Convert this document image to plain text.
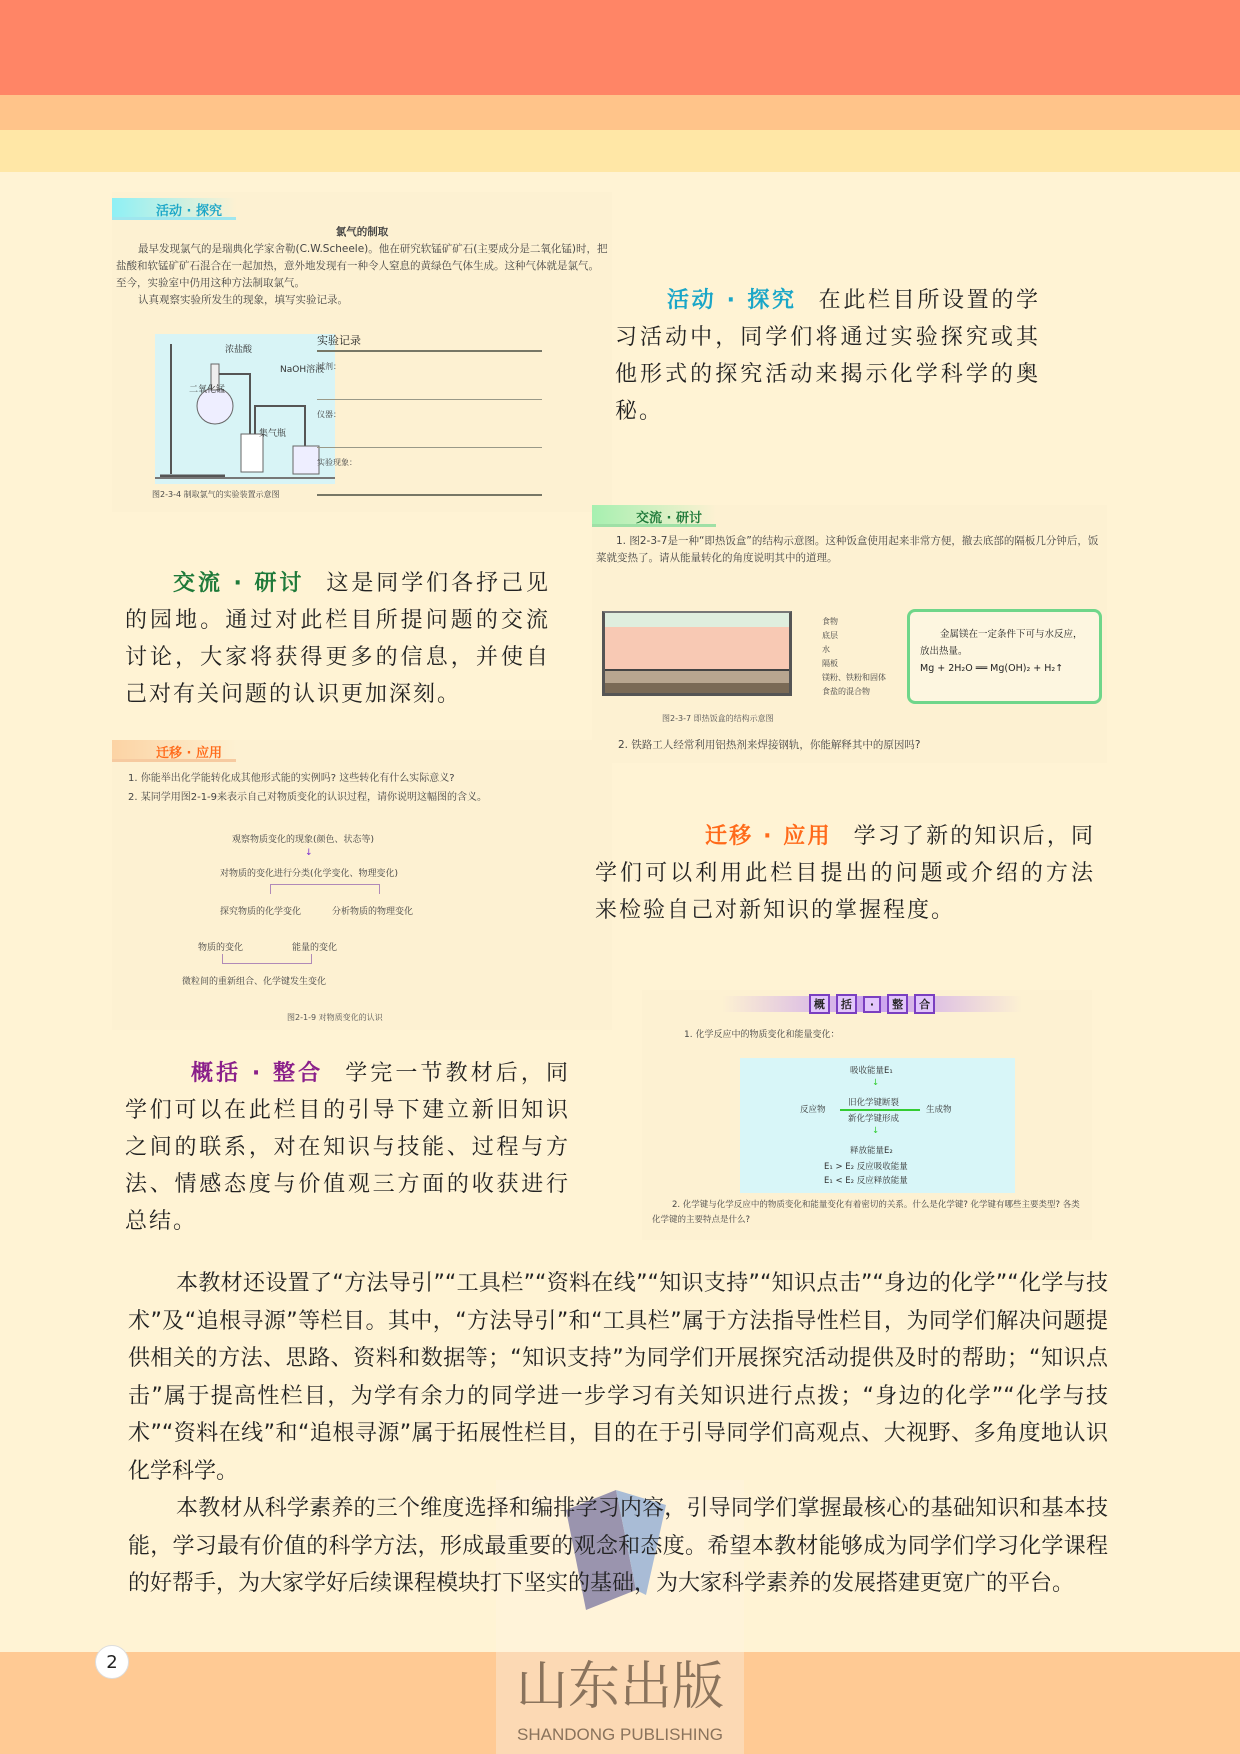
活动 · 探究
氯气的制取
最早发现氯气的是瑞典化学家舍勒(C.W.Scheele)。他在研究软锰矿矿石(主要成分是二氧化锰)时，把盐酸和软锰矿矿石混合在一起加热，意外地发现有一种令人窒息的黄绿色气体生成。这种气体就是氯气。至今，实验室中仍用这种方法制取氯气。
认真观察实验所发生的现象，填写实验记录。
浓盐酸
二氧化锰
NaOH溶液
集气瓶
图2-3-4 制取氯气的实验装置示意图
实验记录
试剂：
仪器：
实验现象：
活动 · 探究 在此栏目所设置的学习活动中，同学们将通过实验探究或其他形式的探究活动来揭示化学科学的奥秘。
交流 · 研讨
1. 图2-3-7是一种“即热饭盒”的结构示意图。这种饭盒使用起来非常方便，撤去底部的隔板几分钟后，饭菜就变热了。请从能量转化的角度说明其中的道理。
食物
底层
水
隔板
镁粉、铁粉和固体食盐的混合物
金属镁在一定条件下可与水反应，放出热量。
Mg + 2H₂O ══ Mg(OH)₂ + H₂↑
图2-3-7 即热饭盒的结构示意图
2. 铁路工人经常利用铝热剂来焊接钢轨，你能解释其中的原因吗?
交流 · 研讨 这是同学们各抒己见的园地。通过对此栏目所提问题的交流讨论，大家将获得更多的信息，并使自己对有关问题的认识更加深刻。
迁移 · 应用
1. 你能举出化学能转化成其他形式能的实例吗? 这些转化有什么实际意义?
2. 某同学用图2-1-9来表示自己对物质变化的认识过程，请你说明这幅图的含义。
观察物质变化的现象(颜色、状态等)
↓
对物质的变化进行分类(化学变化、物理变化)
探究物质的化学变化	分析物质的物理变化
物质的变化	能量的变化
微粒间的重新组合、化学键发生变化
图2-1-9 对物质变化的认识
迁移 · 应用 学习了新的知识后，同学们可以利用此栏目提出的问题或介绍的方法来检验自己对新知识的掌握程度。
概	括	·	整	合
1. 化学反应中的物质变化和能量变化：
吸收能量E₁
↓
反应物
旧化学键断裂
新化学键形成
生成物
↓
释放能量E₂
E₁ > E₂ 反应吸收能量
E₁ < E₂ 反应释放能量
2. 化学键与化学反应中的物质变化和能量变化有着密切的关系。什么是化学键? 化学键有哪些主要类型? 各类化学键的主要特点是什么?
概括 · 整合 学完一节教材后，同学们可以在此栏目的引导下建立新旧知识之间的联系，对在知识与技能、过程与方法、情感态度与价值观三方面的收获进行总结。

本教材还设置了“方法导引”“工具栏”“资料在线”“知识支持”“知识点击”“身边的化学”“化学与技术”及“追根寻源”等栏目。其中，“方法导引”和“工具栏”属于方法指导性栏目，为同学们解决问题提供相关的方法、思路、资料和数据等；“知识支持”为同学们开展探究活动提供及时的帮助；“知识点击”属于提高性栏目，为学有余力的同学进一步学习有关知识进行点拨；“身边的化学”“化学与技术”“资料在线”和“追根寻源”属于拓展性栏目，目的在于引导同学们高观点、大视野、多角度地认识化学科学。

本教材从科学素养的三个维度选择和编排学习内容，引导同学们掌握最核心的基础知识和基本技能，学习最有价值的科学方法，形成最重要的观念和态度。希望本教材能够成为同学们学习化学课程的好帮手，为大家学好后续课程模块打下坚实的基础，为大家科学素养的发展搭建更宽广的平台。

山东出版
SHANDONG PUBLISHING
2
